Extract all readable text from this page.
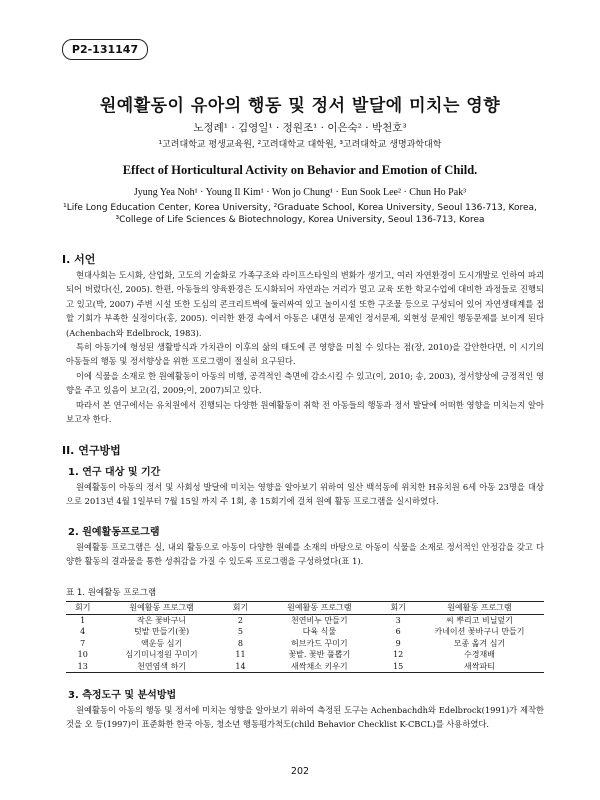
P2-131147
원예활동이 유아의 행동 및 정서 발달에 미치는 영향
노정례¹ · 김영일¹ · 정원조¹ · 이은숙² · 박천호³
¹고려대학교 평생교육원, ²고려대학교 대학원, ³고려대학교 생명과학대학
Effect of Horticultural Activity on Behavior and Emotion of Child.
Jyung Yea Noh¹ · Young Il Kim¹ · Won jo Chung¹ · Eun Sook Lee² · Chun Ho Pak³
¹Life Long Education Center, Korea University, ²Graduate School, Korea University, Seoul 136-713, Korea,
³College of Life Sciences & Biotechnology, Korea University, Seoul 136-713, Korea
I. 서언

현대사회는 도시화, 산업화, 고도의 기술화로 가족구조와 라이프스타일의 변화가 생기고, 여러 자연환경이 도시개발로 인하여 파괴되어 버렸다(신, 2005). 한편, 아동들의 양육환경은 도시화되어 자연과는 거리가 멀고 교육 또한 학교수업에 대비한 과정들로 진행되고 있고(박, 2007) 주변 시설 또한 도심의 콘크리트벽에 둘러싸여 있고 놀이시설 또한 구조물 등으로 구성되어 있어 자연생태계를 접할 기회가 부족한 실정이다(홍, 2005). 이러한 환경 속에서 아동은 내면성 문제인 정서문제, 외현성 문제인 행동문제를 보이게 된다(Achenbach와 Edelbrock, 1983).

특히 아동기에 형성된 생활방식과 가치관이 이후의 삶의 태도에 큰 영향을 미칠 수 있다는 점(장, 2010)을 감안한다면, 이 시기의 아동들의 행동 및 정서향상을 위한 프로그램이 절실히 요구된다.

이에 식물을 소재로 한 원예활동이 아동의 비행, 공격적인 측면에 감소시킬 수 있고(이, 2010; 송, 2003), 정서향상에 긍정적인 영향을 주고 있음이 보고(김, 2009;이, 2007)되고 있다.

따라서 본 연구에서는 유치원에서 진행되는 다양한 원예활동이 취학 전 아동들의 행동과 정서 발달에 어떠한 영향을 미치는지 알아보고자 한다.

II. 연구방법
1. 연구 대상 및 기간

원예활동이 아동의 정서 및 사회성 발달에 미치는 영향을 알아보기 위하여 일산 백석동에 위치한 H유치원 6세 아동 23명을 대상으로 2013년 4월 1일부터 7월 15일 까지 주 1회, 총 15회기에 걸쳐 원예 활동 프로그램을 실시하였다.

2. 원예활동프로그램

원예활동 프로그램은 실, 내외 활동으로 아동이 다양한 원예를 소재의 바탕으로 아동이 식물을 소재로 정서적인 안정감을 갖고 다양한 활동의 결과물을 통한 성취감을 가질 수 있도록 프로그램을 구성하였다(표 1).

표 1. 원예활동 프로그램
회기	원예활동 프로그램	회기	원예활동 프로그램	회기	원예활동 프로그램
1	작은 꽃바구니	2	천연비누 만들기	3	씨 뿌리고 비닐덮기
4	텃밭 만들기(꽃)	5	다육 식물	6	카네이션 꽃바구니 만들기
7	액운등 심기	8	허브카드 꾸미기	9	모종 옮겨 심기
10	심기미니정원 꾸미기	11	꽃밭. 꽃반 풀뽑기	12	수경재배
13	천연염색 하기	14	새싹채소 키우기	15	새싹파티
3. 측정도구 및 분석방법

원예활동이 아동의 행동 및 정서에 미치는 영향을 알아보기 위하여 측정된 도구는 Achenbachdh와 Edelbrock(1991)가 제작한 것을 오 등(1997)이 표준화한 한국 아동, 청소년 행동평가척도(child Behavior Checklist K-CBCL)를 사용하였다.

202
